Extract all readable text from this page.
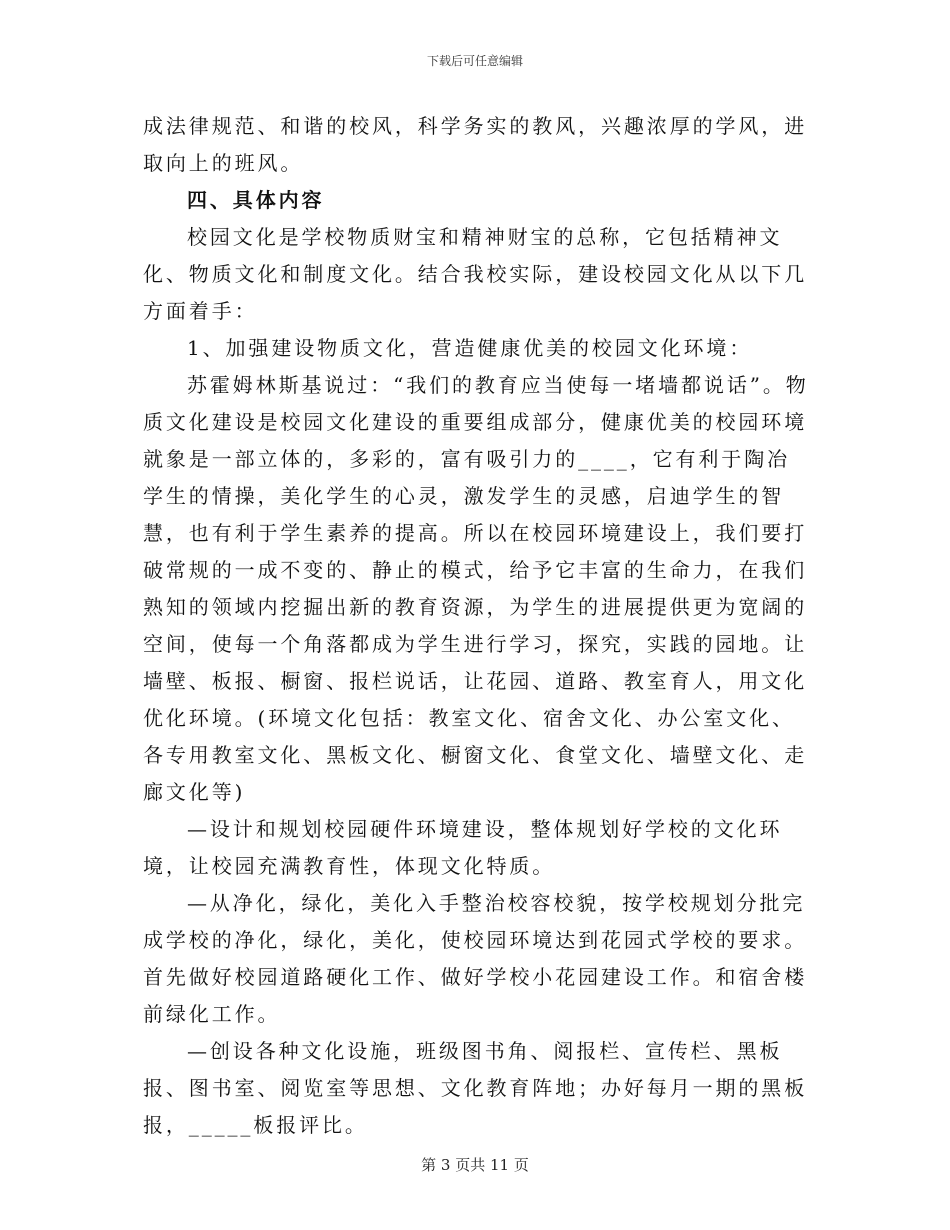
下载后可任意编辑

成法律规范、和谐的校风，科学务实的教风，兴趣浓厚的学风，进取向上的班风。

四、具体内容

校园文化是学校物质财宝和精神财宝的总称，它包括精神文化、物质文化和制度文化。结合我校实际，建设校园文化从以下几方面着手：

1、加强建设物质文化，营造健康优美的校园文化环境：

苏霍姆林斯基说过：“我们的教育应当使每一堵墙都说话”。物质文化建设是校园文化建设的重要组成部分，健康优美的校园环境就象是一部立体的，多彩的，富有吸引力的____，它有利于陶冶学生的情操，美化学生的心灵，激发学生的灵感，启迪学生的智慧，也有利于学生素养的提高。所以在校园环境建设上，我们要打破常规的一成不变的、静止的模式，给予它丰富的生命力，在我们熟知的领域内挖掘出新的教育资源，为学生的进展提供更为宽阔的空间，使每一个角落都成为学生进行学习，探究，实践的园地。让墙壁、板报、橱窗、报栏说话，让花园、道路、教室育人，用文化优化环境。(环境文化包括：教室文化、宿舍文化、办公室文化、各专用教室文化、黑板文化、橱窗文化、食堂文化、墙壁文化、走廊文化等)

—设计和规划校园硬件环境建设，整体规划好学校的文化环境，让校园充满教育性，体现文化特质。

—从净化，绿化，美化入手整治校容校貌，按学校规划分批完成学校的净化，绿化，美化，使校园环境达到花园式学校的要求。首先做好校园道路硬化工作、做好学校小花园建设工作。和宿舍楼前绿化工作。

—创设各种文化设施，班级图书角、阅报栏、宣传栏、黑板报、图书室、阅览室等思想、文化教育阵地；办好每月一期的黑板报，_____板报评比。

第 3 页共 11 页
